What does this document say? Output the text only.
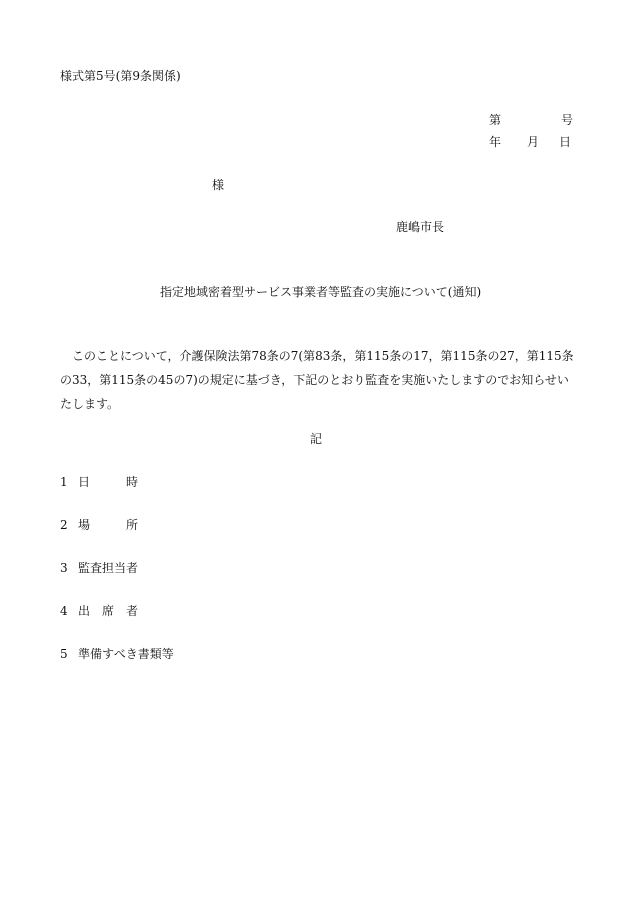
様式第5号(第9条関係)
第	号
年 月 日
様
鹿嶋市長
指定地域密着型サービス事業者等監査の実施について(通知)
このことについて，介護保険法第78条の7(第83条，第115条の17，第115条の27，第115条の33，第115条の45の7)の規定に基づき，下記のとおり監査を実施いたしますのでお知らせいたします。
記
1 日　　　時
2 場　　　所
3 監査担当者
4 出　席　者
5 準備すべき書類等
